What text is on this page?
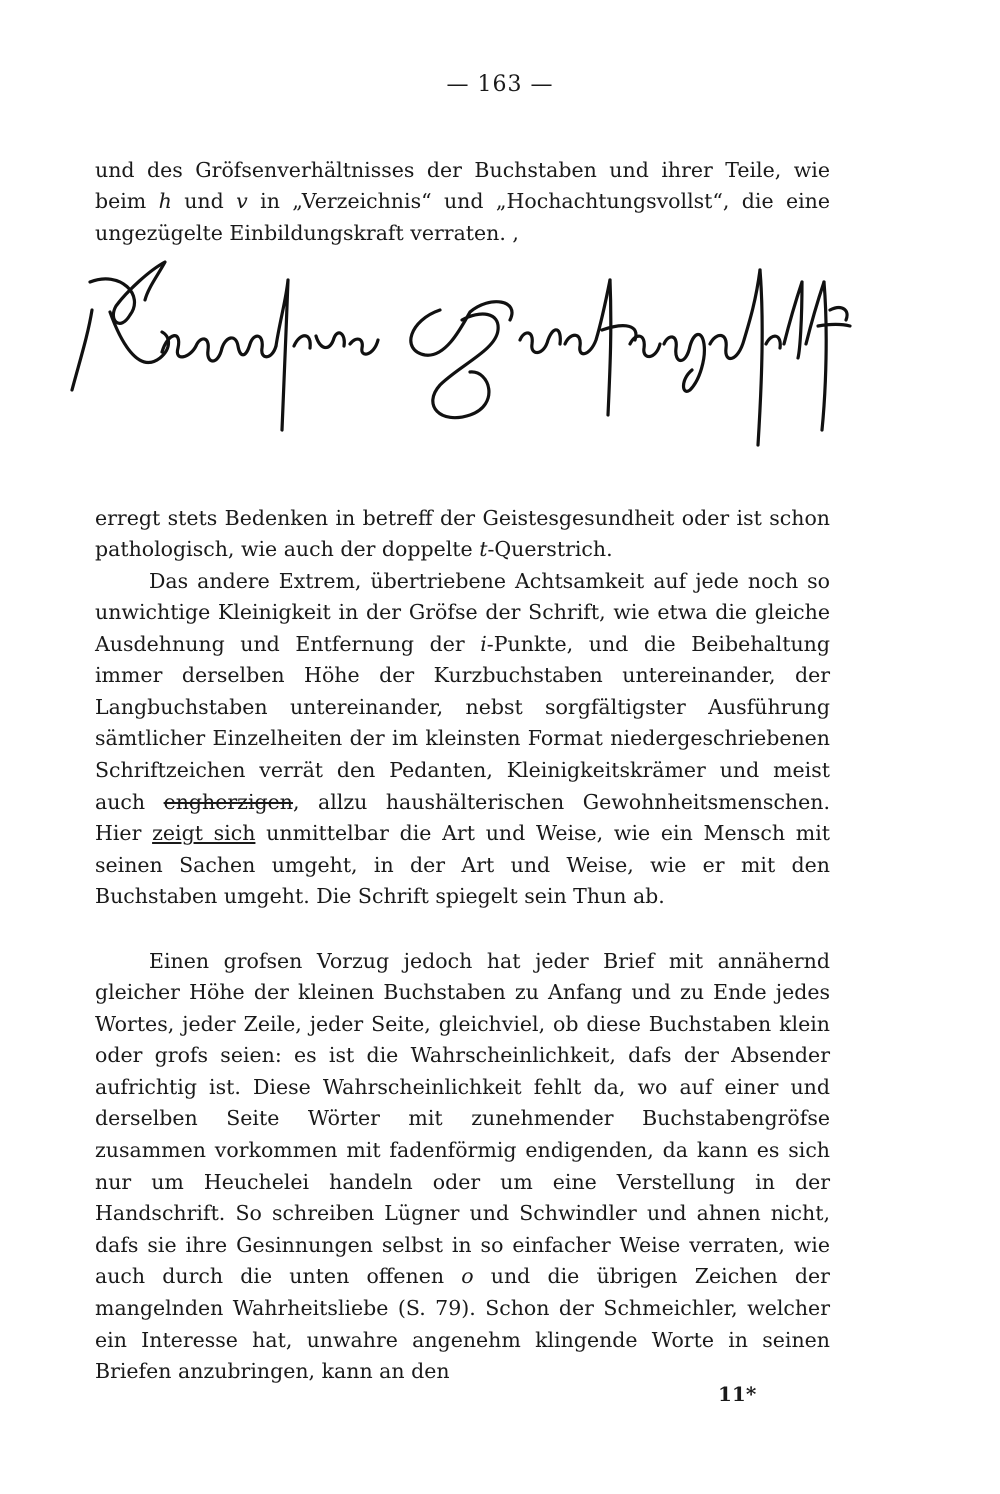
— 163 —

und des Gröfsenverhältnisses der Buchstaben und ihrer Teile, wie beim h und v in „Verzeichnis“ und „Hochachtungsvollst“, die eine ungezügelte Einbildungskraft verraten. ,

erregt stets Bedenken in betreff der Geistesgesundheit oder ist schon pathologisch, wie auch der doppelte t-Querstrich.

Das andere Extrem, übertriebene Achtsamkeit auf jede noch so unwichtige Kleinigkeit in der Gröfse der Schrift, wie etwa die gleiche Ausdehnung und Entfernung der i-Punkte, und die Beibehaltung immer derselben Höhe der Kurzbuchstaben untereinander, der Langbuchstaben untereinander, nebst sorgfältigster Ausführung sämtlicher Einzelheiten der im kleinsten Format niedergeschriebenen Schriftzeichen verrät den Pedanten, Kleinigkeitskrämer und meist auch engherzigen, allzu haushälterischen Gewohnheitsmenschen. Hier zeigt sich unmittelbar die Art und Weise, wie ein Mensch mit seinen Sachen umgeht, in der Art und Weise, wie er mit den Buchstaben umgeht. Die Schrift spiegelt sein Thun ab.

Einen grofsen Vorzug jedoch hat jeder Brief mit annähernd gleicher Höhe der kleinen Buchstaben zu Anfang und zu Ende jedes Wortes, jeder Zeile, jeder Seite, gleichviel, ob diese Buchstaben klein oder grofs seien: es ist die Wahrscheinlichkeit, dafs der Absender aufrichtig ist. Diese Wahrscheinlichkeit fehlt da, wo auf einer und derselben Seite Wörter mit zunehmender Buchstabengröfse zusammen vorkommen mit fadenförmig endigenden, da kann es sich nur um Heuchelei handeln oder um eine Verstellung in der Handschrift. So schreiben Lügner und Schwindler und ahnen nicht, dafs sie ihre Gesinnungen selbst in so einfacher Weise verraten, wie auch durch die unten offenen o und die übrigen Zeichen der mangelnden Wahrheitsliebe (S. 79). Schon der Schmeichler, welcher ein Interesse hat, unwahre angenehm klingende Worte in seinen Briefen anzubringen, kann an den

11*
